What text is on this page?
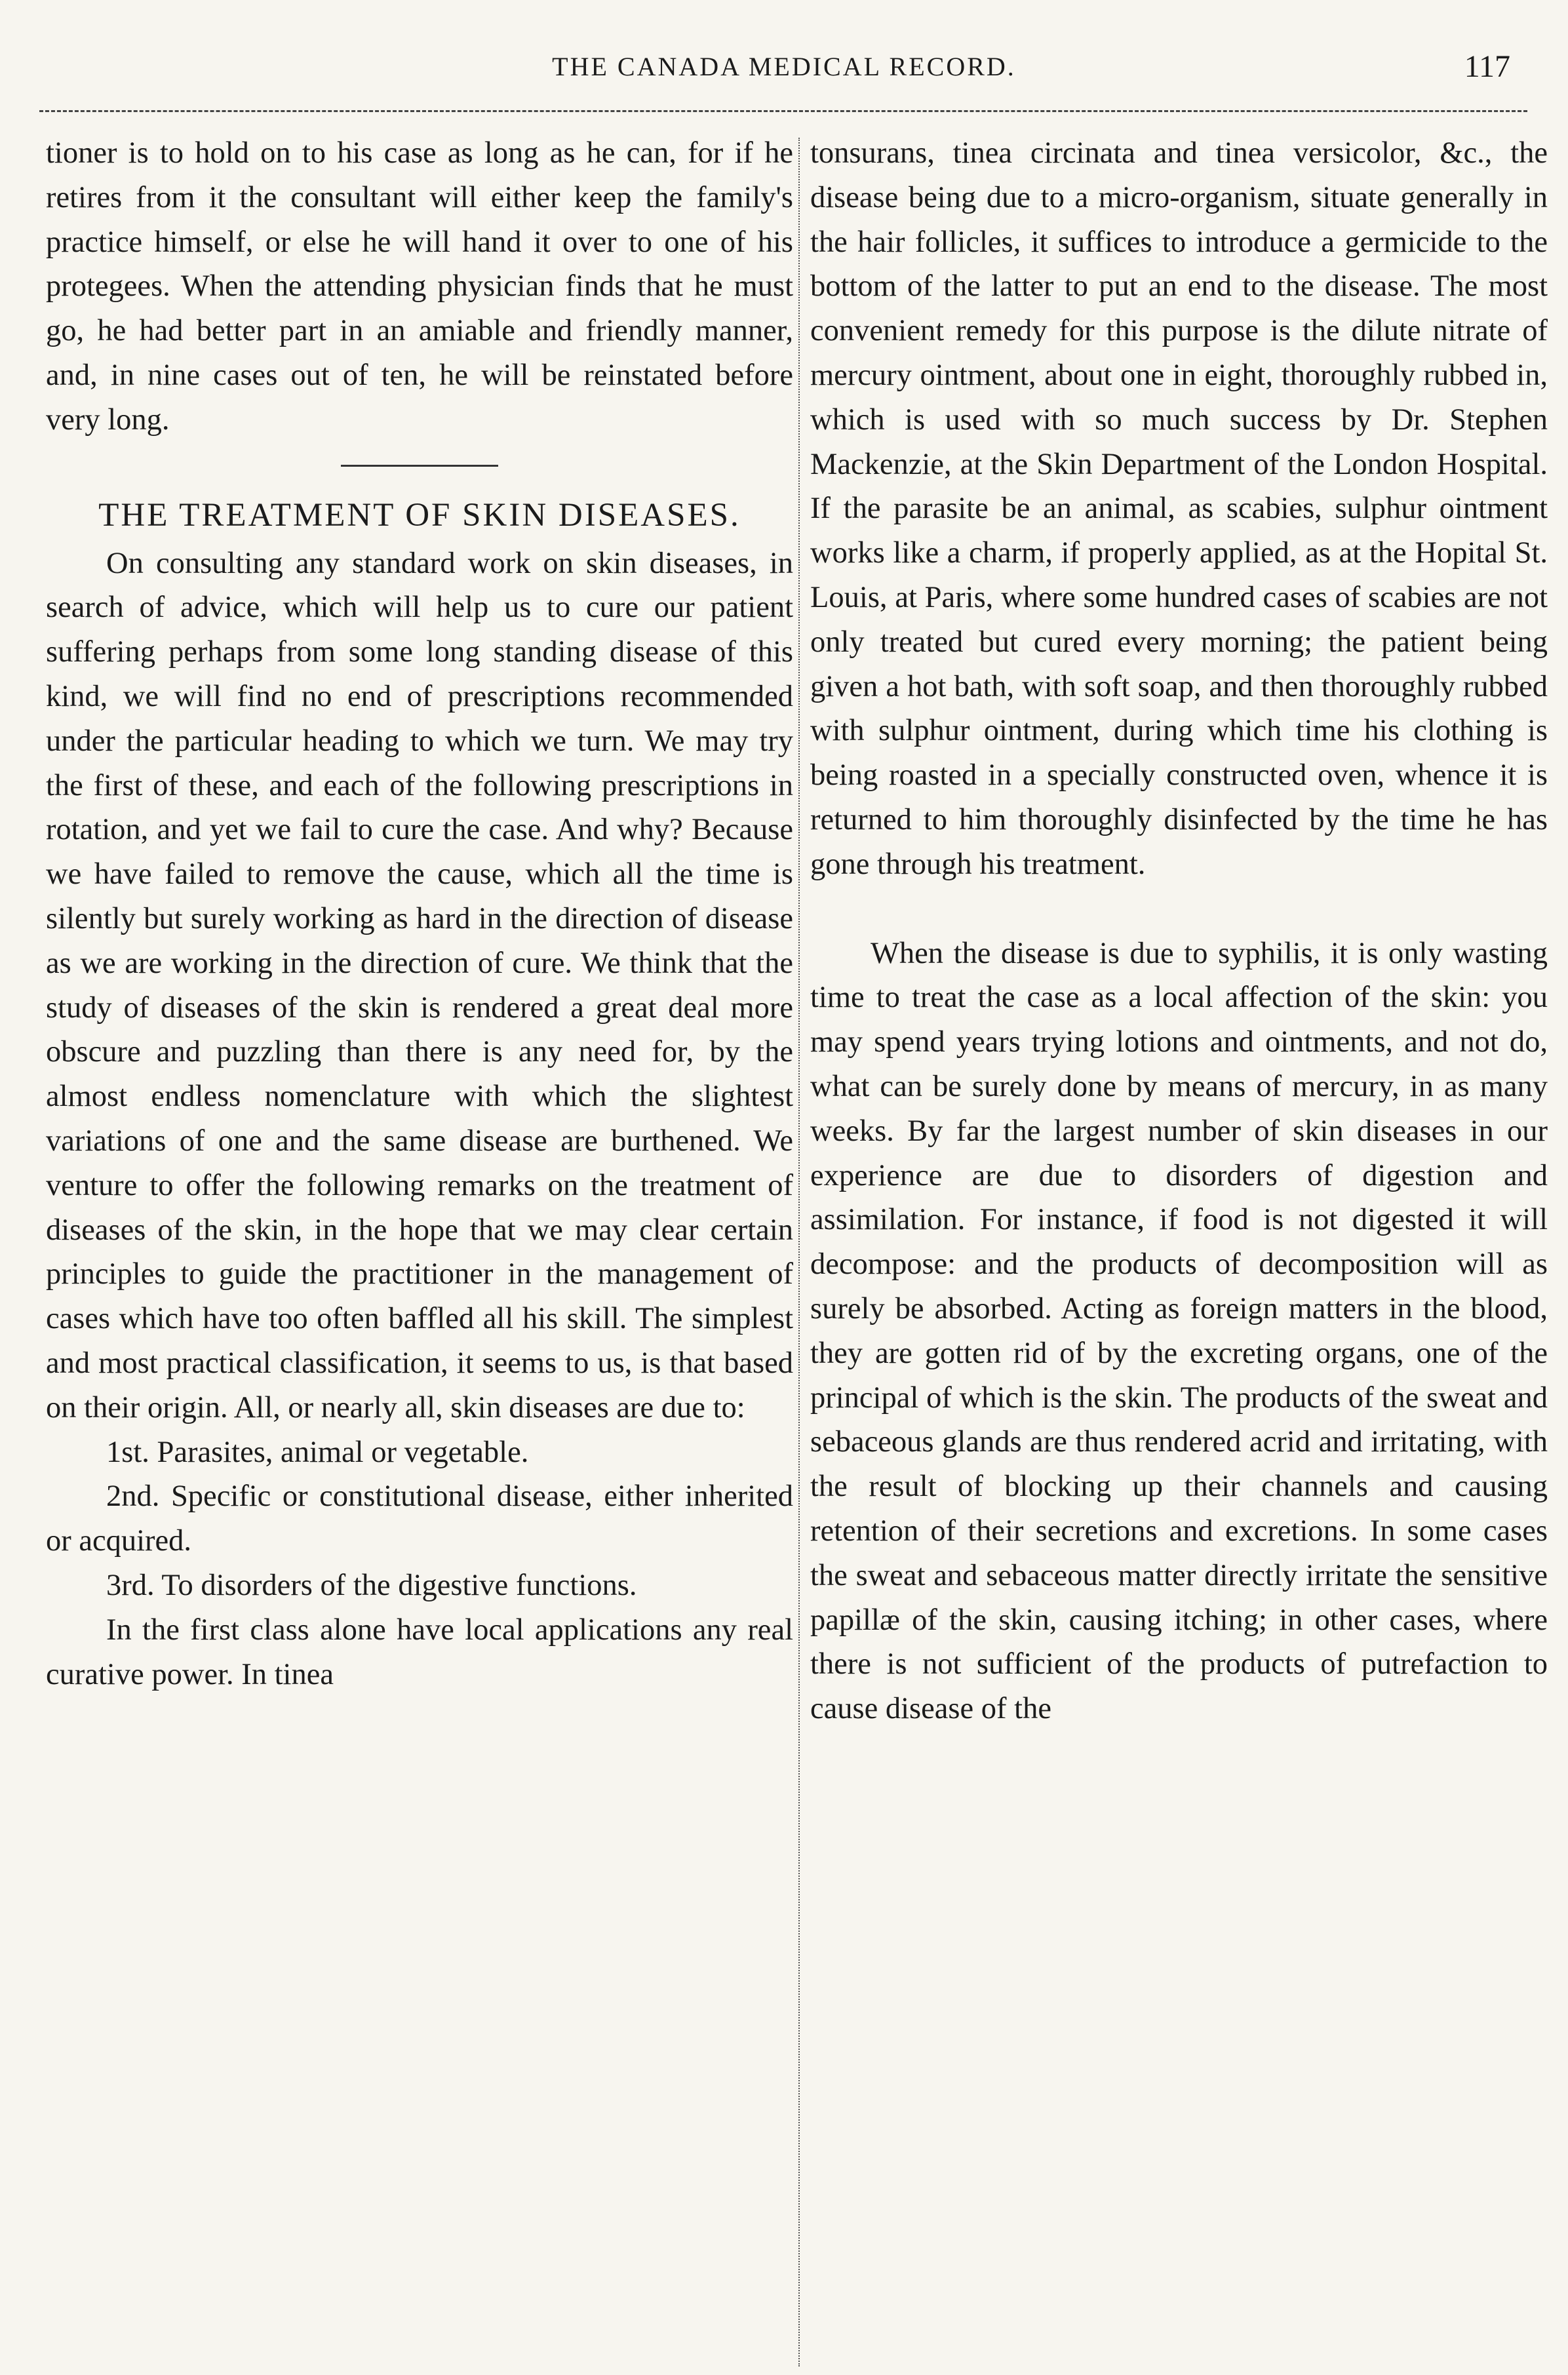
THE CANADA MEDICAL RECORD.	117

tioner is to hold on to his case as long as he can, for if he retires from it the consultant will either keep the family's practice himself, or else he will hand it over to one of his protegees. When the attending physician finds that he must go, he had better part in an amiable and friendly manner, and, in nine cases out of ten, he will be reinstated before very long.

THE TREATMENT OF SKIN DISEASES.

On consulting any standard work on skin diseases, in search of advice, which will help us to cure our patient suffering perhaps from some long standing disease of this kind, we will find no end of prescriptions recommended under the particular heading to which we turn. We may try the first of these, and each of the following prescriptions in rotation, and yet we fail to cure the case. And why? Because we have failed to remove the cause, which all the time is silently but surely working as hard in the direction of disease as we are working in the direction of cure. We think that the study of diseases of the skin is rendered a great deal more obscure and puzzling than there is any need for, by the almost endless nomenclature with which the slightest variations of one and the same disease are burthened. We venture to offer the following remarks on the treatment of diseases of the skin, in the hope that we may clear certain principles to guide the practitioner in the management of cases which have too often baffled all his skill. The simplest and most practical classification, it seems to us, is that based on their origin. All, or nearly all, skin diseases are due to:

1st. Parasites, animal or vegetable.

2nd. Specific or constitutional disease, either inherited or acquired.

3rd. To disorders of the digestive functions.

In the first class alone have local applications any real curative power. In tinea

tonsurans, tinea circinata and tinea versicolor, &c., the disease being due to a micro-organism, situate generally in the hair follicles, it suffices to introduce a germicide to the bottom of the latter to put an end to the disease. The most convenient remedy for this purpose is the dilute nitrate of mercury ointment, about one in eight, thoroughly rubbed in, which is used with so much success by Dr. Stephen Mackenzie, at the Skin Department of the London Hospital. If the parasite be an animal, as scabies, sulphur ointment works like a charm, if properly applied, as at the Hopital St. Louis, at Paris, where some hundred cases of scabies are not only treated but cured every morning; the patient being given a hot bath, with soft soap, and then thoroughly rubbed with sulphur ointment, during which time his clothing is being roasted in a specially constructed oven, whence it is returned to him thoroughly disinfected by the time he has gone through his treatment.

When the disease is due to syphilis, it is only wasting time to treat the case as a local affection of the skin: you may spend years trying lotions and ointments, and not do, what can be surely done by means of mercury, in as many weeks. By far the largest number of skin diseases in our experience are due to disorders of digestion and assimilation. For instance, if food is not digested it will decompose: and the products of decomposition will as surely be absorbed. Acting as foreign matters in the blood, they are gotten rid of by the excreting organs, one of the principal of which is the skin. The products of the sweat and sebaceous glands are thus rendered acrid and irritating, with the result of blocking up their channels and causing retention of their secretions and excretions. In some cases the sweat and sebaceous matter directly irritate the sensitive papillæ of the skin, causing itching; in other cases, where there is not sufficient of the products of putrefaction to cause disease of the
